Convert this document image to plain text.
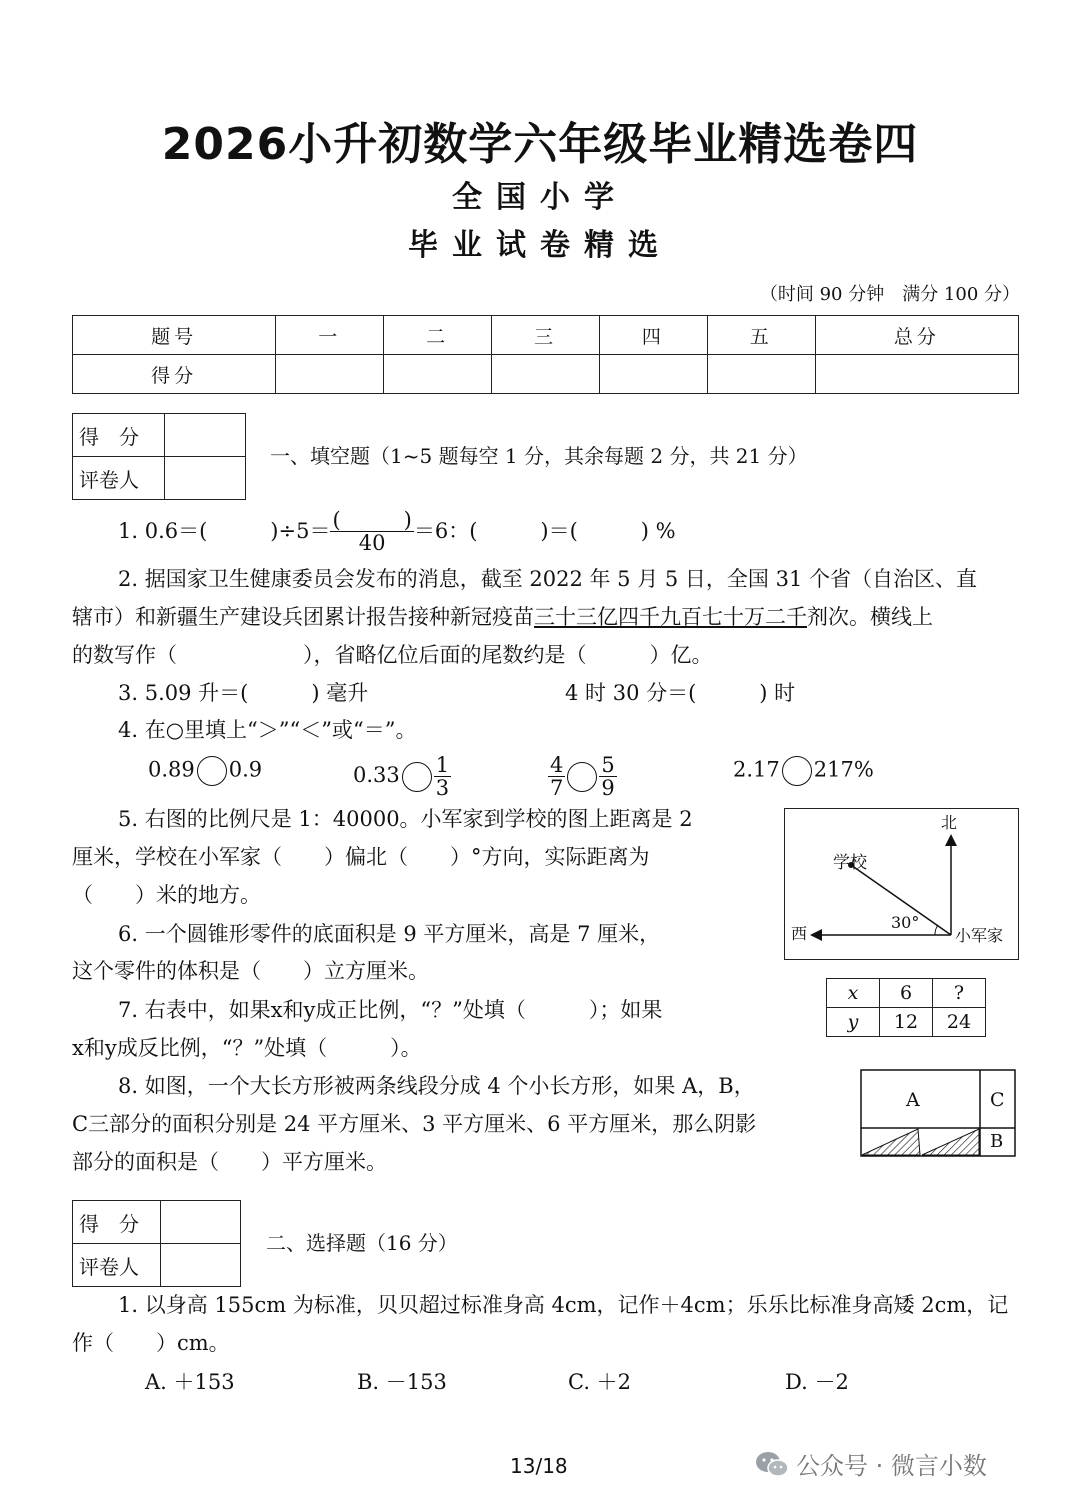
2026小升初数学六年级毕业精选卷四
全国小学
毕业试卷精选
（时间 90 分钟　满分 100 分）
题号	一	二	三	四	五	总分
得分						
得　分	
评卷人	
一、填空题（1~5 题每空 1 分，其余每题 2 分，共 21 分）
1. 0.6＝(　　　)$\div 5= \frac{( )}{40} =6$：(　　　)＝(　　　) %
2. 据国家卫生健康委员会发布的消息，截至 2022 年 5 月 5 日，全国 31 个省（自治区、直
辖市）和新疆生产建设兵团累计报告接种新冠疫苗三十三亿四千九百七十万二千剂次。横线上
的数写作（　　　　　　），省略亿位后面的尾数约是（　　　）亿。
3. 5.09 升＝(　　　) 毫升	4 时 30 分＝(　　　) 时
4. 在○里填上“＞”“＜”或“＝”。
0.89 0.9	$0.33 \frac{1}{3}$	$\frac{4}{7} \frac{5}{9}$	2.17 217%
5. 右图的比例尺是 1：40000。小军家到学校的图上距离是 2
厘米，学校在小军家（　　）偏北（　　）°方向，实际距离为
（　　）米的地方。
北
学校
30°
西	小军家
6. 一个圆锥形零件的底面积是 9 平方厘米，高是 7 厘米，
这个零件的体积是（　　）立方厘米。
x	6	?
y	12	24
7. 右表中，如果x和y成正比例，“？”处填（　　　）；如果
x和y成反比例，“？”处填（　　　）。
8. 如图，一个大长方形被两条线段分成 4 个小长方形，如果 A，B，
C三部分的面积分别是 24 平方厘米、3 平方厘米、6 平方厘米，那么阴影
部分的面积是（　　）平方厘米。
A	C
B
得　分	
评卷人	
二、选择题（16 分）
1. 以身高 155cm 为标准，贝贝超过标准身高 4cm，记作＋4cm；乐乐比标准身高矮 2cm，记
作（　　）cm。
A. ＋153	B. －153	C. ＋2	D. －2
13/18	公众号 · 微言小数
